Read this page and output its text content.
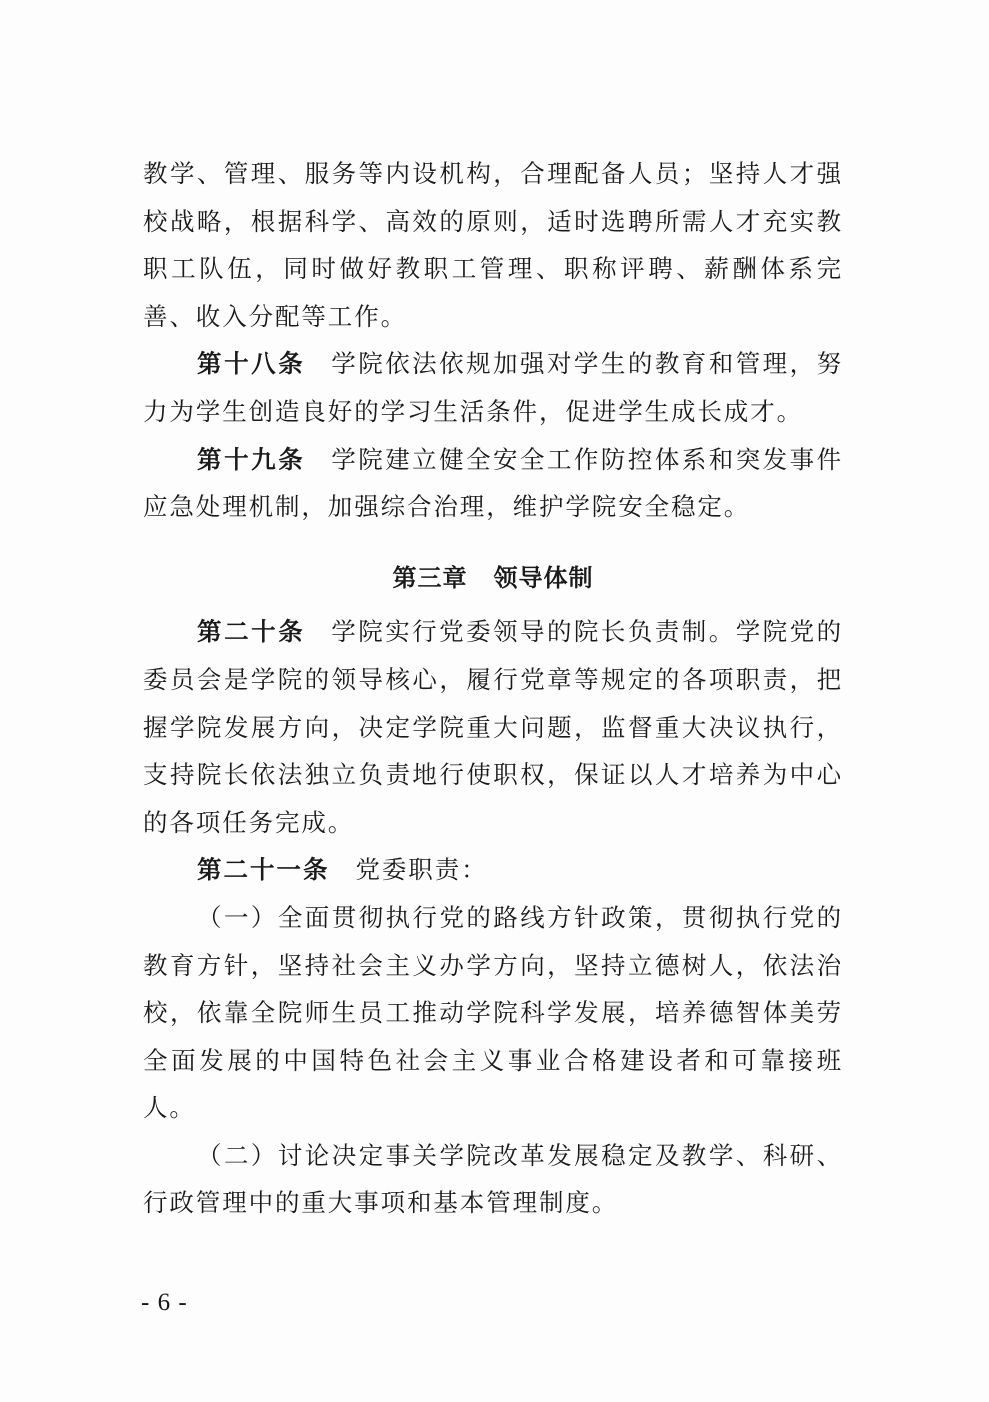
教学、管理、服务等内设机构，合理配备人员；坚持人才强校战略，根据科学、高效的原则，适时选聘所需人才充实教职工队伍，同时做好教职工管理、职称评聘、薪酬体系完善、收入分配等工作。

第十八条 学院依法依规加强对学生的教育和管理，努力为学生创造良好的学习生活条件，促进学生成长成才。

第十九条 学院建立健全安全工作防控体系和突发事件应急处理机制，加强综合治理，维护学院安全稳定。

第三章 领导体制

第二十条 学院实行党委领导的院长负责制。学院党的委员会是学院的领导核心，履行党章等规定的各项职责，把握学院发展方向，决定学院重大问题，监督重大决议执行，支持院长依法独立负责地行使职权，保证以人才培养为中心的各项任务完成。

第二十一条 党委职责：

（一）全面贯彻执行党的路线方针政策，贯彻执行党的教育方针，坚持社会主义办学方向，坚持立德树人，依法治校，依靠全院师生员工推动学院科学发展，培养德智体美劳全面发展的中国特色社会主义事业合格建设者和可靠接班人。

（二）讨论决定事关学院改革发展稳定及教学、科研、行政管理中的重大事项和基本管理制度。

- 6 -
